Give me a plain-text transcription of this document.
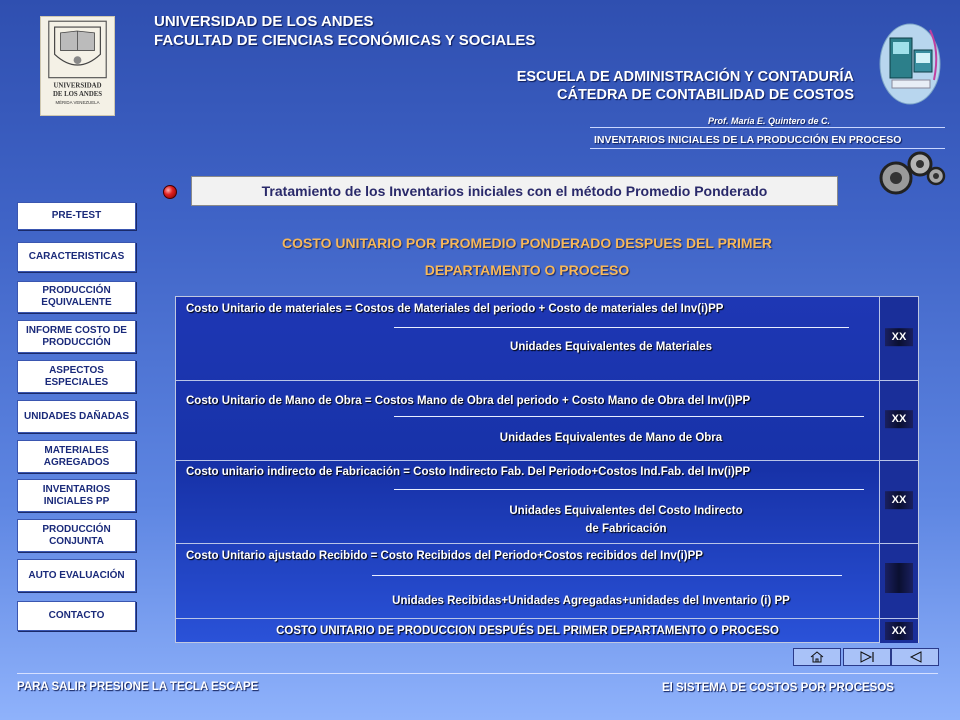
UNIVERSIDAD
DE LOS ANDES
MÉRIDA VENEZUELA
UNIVERSIDAD DE LOS ANDES
FACULTAD DE CIENCIAS ECONÓMICAS Y SOCIALES
ESCUELA DE ADMINISTRACIÓN Y CONTADURÍA
CÁTEDRA DE CONTABILIDAD DE COSTOS
Prof. María E. Quintero de C.
INVENTARIOS INICIALES DE LA PRODUCCIÓN EN PROCESO
Tratamiento de los Inventarios iniciales con el método Promedio Ponderado
COSTO UNITARIO POR PROMEDIO PONDERADO DESPUES DEL PRIMER
DEPARTAMENTO O PROCESO
PRE-TEST
CARACTERISTICAS
PRODUCCIÓN EQUIVALENTE
INFORME COSTO DE PRODUCCIÓN
ASPECTOS ESPECIALES
UNIDADES DAÑADAS
MATERIALES AGREGADOS
INVENTARIOS INICIALES PP
PRODUCCIÓN CONJUNTA
AUTO EVALUACIÓN
CONTACTO
Costo Unitario de materiales = Costos de Materiales del periodo + Costo de materiales del Inv(i)PP
Unidades Equivalentes de Materiales
XX
Costo Unitario de Mano de Obra = Costos Mano de Obra del periodo + Costo Mano de Obra del Inv(i)PP
Unidades Equivalentes de Mano de Obra
XX
Costo unitario indirecto de Fabricación = Costo Indirecto Fab. Del Periodo+Costos Ind.Fab. del Inv(i)PP
Unidades Equivalentes del Costo Indirecto
de Fabricación
XX
Costo Unitario ajustado Recibido = Costo Recibidos del Periodo+Costos recibidos del Inv(i)PP
Unidades Recibidas+Unidades Agregadas+unidades del Inventario (i) PP
COSTO UNITARIO DE PRODUCCION DESPUÉS DEL PRIMER DEPARTAMENTO O PROCESO	XX
PARA SALIR PRESIONE LA TECLA ESCAPE	El SISTEMA DE COSTOS POR PROCESOS
